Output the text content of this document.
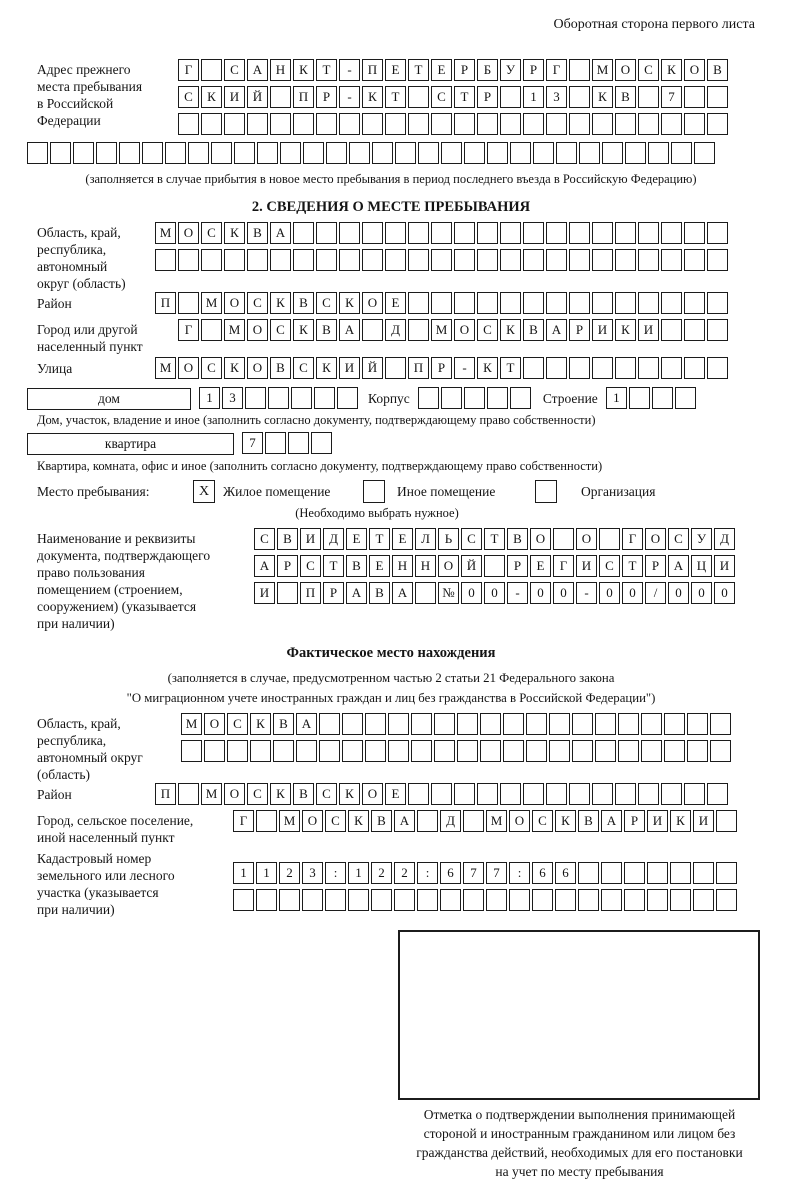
Оборотная сторона первого листа
Адрес прежнего
места пребывания
в Российской
Федерации
Г	С	А	Н	К	Т	-	П	Е	Т	Е	Р	Б	У	Р	Г	М О	С	К	О	В
С	К	И	Й	П	Р	-	К	Т	С	Т	Р	1	3	К	В	7
(заполняется в случае прибытия в новое место пребывания в период последнего въезда в Российскую Федерацию)
2. СВЕДЕНИЯ О МЕСТЕ ПРЕБЫВАНИЯ
Область, край,
республика,
автономный
округ (область)
М О	С	К	В	А
Район	П	М О	С	К	В	С	К	О	Е
Город или другой
населенный пункт
Г	М О	С	К	В	А	Д	М О	С	К	В	А	Р	И	К	И
Улица	М О	С	К	О	В	С	К	И	Й	П	Р	-	К	Т
дом	1	3	Корпус	Строение	1
Дом, участок, владение и иное (заполнить согласно документу, подтверждающему право собственности)
квартира	7
Квартира, комната, офис и иное (заполнить согласно документу, подтверждающему право собственности)
Место пребывания:	X	Жилое помещение	Иное помещение	Организация
(Необходимо выбрать нужное)
Наименование и реквизиты
документа, подтверждающего
право пользования
помещением (строением,
сооружением) (указывается
при наличии)
С	В	И	Д	Е	Т	Е	Л	Ь	С	Т	В	О	О	Г	О	С	У	Д
А	Р	С	Т	В	Е	Н	Н	О	Й	Р	Е	Г	И	С	Т	Р	А	Ц	И
И	П	Р	А	В	А	№	0	0	-	0	0	-	0	0	/	0	0	0
Фактическое место нахождения
(заполняется в случае, предусмотренном частью 2 статьи 21 Федерального закона
"О миграционном учете иностранных граждан и лиц без гражданства в Российской Федерации")
Область, край,
республика,
автономный округ
(область)
М О	С	К	В	А
Район	П	М О	С	К	В	С	К	О	Е
Город, сельское поселение,
иной населенный пункт
Г	М О	С	К	В	А	Д	М О	С	К	В	А	Р	И	К	И
Кадастровый номер
земельного или лесного
участка (указывается
при наличии)
1	1	2	3	:	1	2	2	:	6	7	7	:	6	6
Отметка о подтверждении выполнения принимающей
стороной и иностранным гражданином или лицом без
гражданства действий, необходимых для его постановки
на учет по месту пребывания
